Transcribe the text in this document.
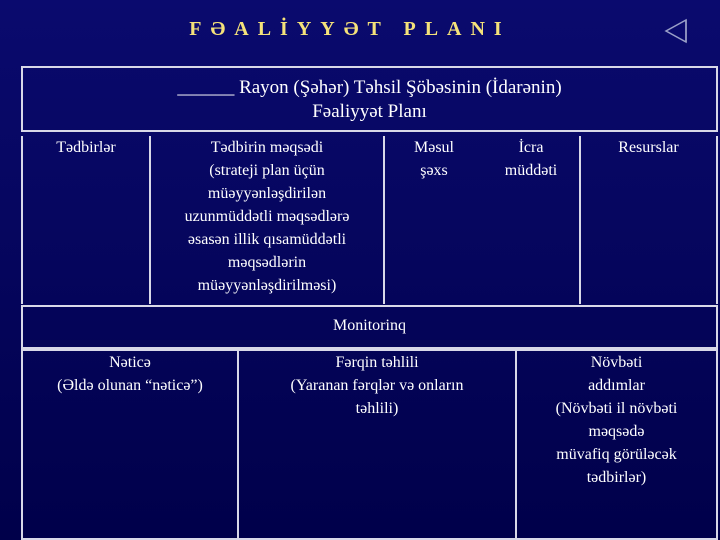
FƏALİYYƏT PLANI
______ Rayon (Şəhər) Təhsil Şöbəsinin (İdarənin)
Fəaliyyət Planı
Tədbirlər	Tədbirin məqsədi
(strateji plan üçün
müəyyənləşdirilən
uzunmüddətli məqsədlərə
əsasən illik qısamüddətli
məqsədlərin
müəyyənləşdirilməsi)
Məsul
şəxs
İcra
müddəti
Resurslar
Monitorinq
Nəticə
(Əldə olunan “nəticə”)
Fərqin təhlili
(Yaranan fərqlər və onların
təhlili)
Növbəti
addımlar
(Növbəti il növbəti
məqsədə
müvafiq görüləcək
tədbirlər)
